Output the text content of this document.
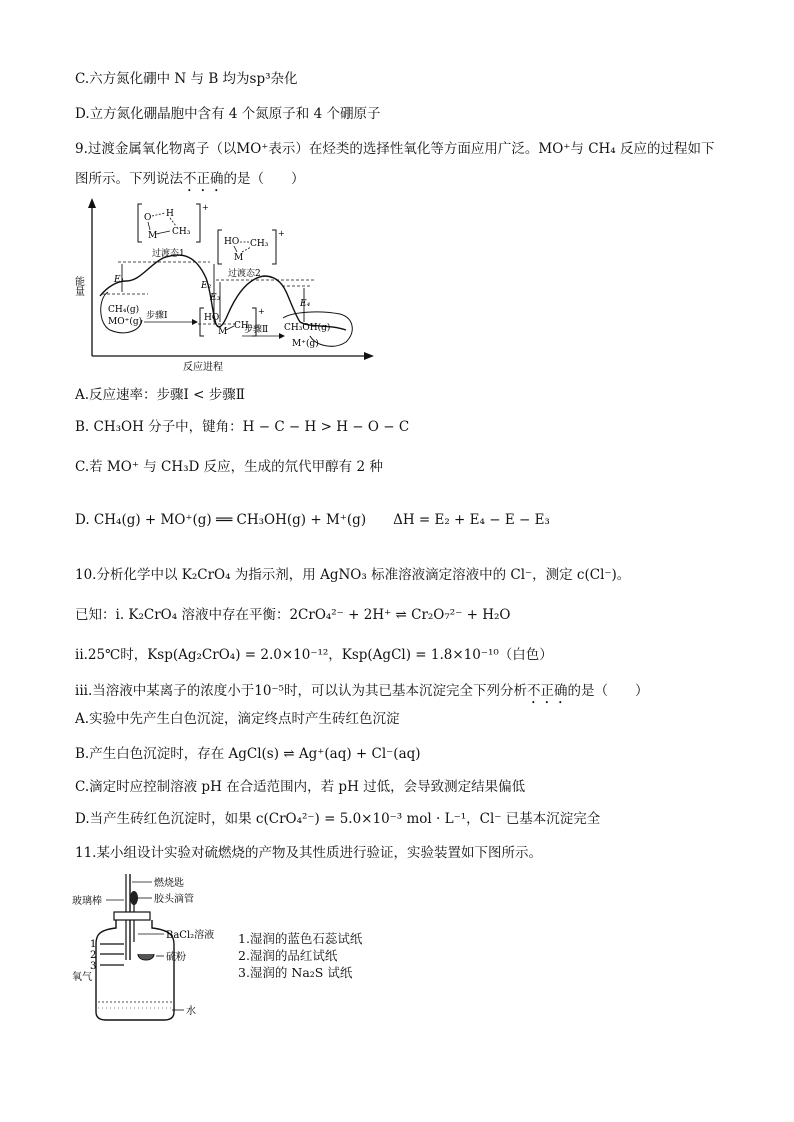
C.六方氮化硼中 N 与 B 均为sp³杂化
D.立方氮化硼晶胞中含有 4 个氮原子和 4 个硼原子
9.过渡金属氧化物离子（以MO⁺表示）在烃类的选择性氧化等方面应用广泛。MO⁺与 CH₄ 反应的过程如下
图所示。下列说法不正确的是（　　）
能量
反应进程
E₁
E₂
E₃
E₄
+
O H
M CH₃
过渡态1
+
HO CH₃
M
过渡态2
+
HO
M
CH₃
步骤Ⅰ
步骤Ⅱ
CH₄(g)
MO⁺(g)
CH₃OH(g)
M⁺(g)
A.反应速率：步骤Ⅰ < 步骤Ⅱ
B. CH₃OH 分子中，键角：H − C − H > H − O − C
C.若 MO⁺ 与 CH₃D 反应，生成的氘代甲醇有 2 种
D. CH₄(g) + MO⁺(g) ══ CH₃OH(g) + M⁺(g)　　ΔH = E₂ + E₄ − E − E₃
10.分析化学中以 K₂CrO₄ 为指示剂，用 AgNO₃ 标准溶液滴定溶液中的 Cl⁻，测定 c(Cl⁻)。
已知：i. K₂CrO₄ 溶液中存在平衡：2CrO₄²⁻ + 2H⁺ ⇌ Cr₂O₇²⁻ + H₂O
ii.25℃时，Ksp(Ag₂CrO₄) = 2.0×10⁻¹²，Ksp(AgCl) = 1.8×10⁻¹⁰（白色）
iii.当溶液中某离子的浓度小于10⁻⁵时，可以认为其已基本沉淀完全下列分析不正确的是（　　）
A.实验中先产生白色沉淀，滴定终点时产生砖红色沉淀
B.产生白色沉淀时，存在 AgCl(s) ⇌ Ag⁺(aq) + Cl⁻(aq)
C.滴定时应控制溶液 pH 在合适范围内，若 pH 过低，会导致测定结果偏低
D.当产生砖红色沉淀时，如果 c(CrO₄²⁻) = 5.0×10⁻³ mol · L⁻¹，Cl⁻ 已基本沉淀完全
11.某小组设计实验对硫燃烧的产物及其性质进行验证，实验装置如下图所示。
燃烧匙
胶头滴管
玻璃棒
BaCl₂溶液
硫粉
氧气
水
1
2
3
1.湿润的蓝色石蕊试纸
2.湿润的品红试纸
3.湿润的 Na₂S 试纸
